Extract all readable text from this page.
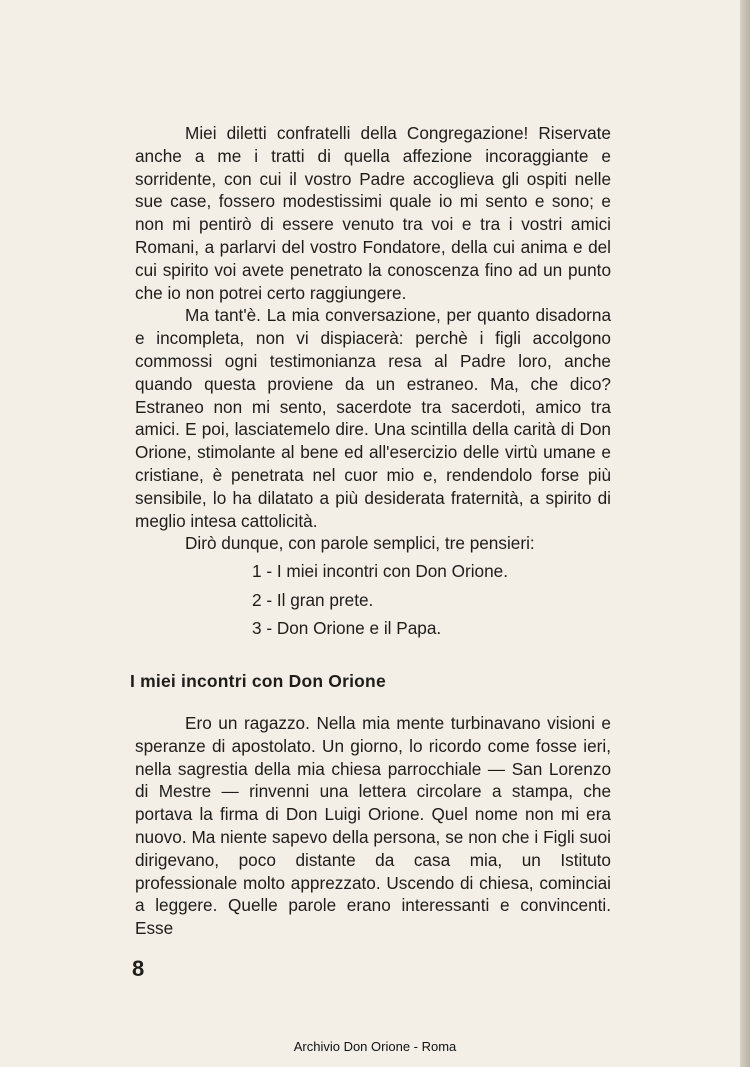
Miei diletti confratelli della Congregazione! Riservate anche a me i tratti di quella affezione incoraggiante e sorridente, con cui il vostro Padre accoglieva gli ospiti nelle sue case, fossero modestissimi quale io mi sento e sono; e non mi pentirò di essere venuto tra voi e tra i vostri amici Romani, a parlarvi del vostro Fondatore, della cui anima e del cui spirito voi avete penetrato la conoscenza fino ad un punto che io non potrei certo raggiungere.

Ma tant'è. La mia conversazione, per quanto disadorna e incompleta, non vi dispiacerà: perchè i figli accolgono commossi ogni testimonianza resa al Padre loro, anche quando questa proviene da un estraneo. Ma, che dico? Estraneo non mi sento, sacerdote tra sacerdoti, amico tra amici. E poi, lasciatemelo dire. Una scintilla della carità di Don Orione, stimolante al bene ed all'esercizio delle virtù umane e cristiane, è penetrata nel cuor mio e, rendendolo forse più sensibile, lo ha dilatato a più desiderata fraternità, a spirito di meglio intesa cattolicità.

Dirò dunque, con parole semplici, tre pensieri:

1 - I miei incontri con Don Orione.
2 - Il gran prete.
3 - Don Orione e il Papa.
I miei incontri con Don Orione

Ero un ragazzo. Nella mia mente turbinavano visioni e speranze di apostolato. Un giorno, lo ricordo come fosse ieri, nella sagrestia della mia chiesa parrocchiale — San Lorenzo di Mestre — rinvenni una lettera circolare a stampa, che portava la firma di Don Luigi Orione. Quel nome non mi era nuovo. Ma niente sapevo della persona, se non che i Figli suoi dirigevano, poco distante da casa mia, un Istituto professionale molto apprezzato. Uscendo di chiesa, cominciai a leggere. Quelle parole erano interessanti e convincenti. Esse

8
Archivio Don Orione - Roma
